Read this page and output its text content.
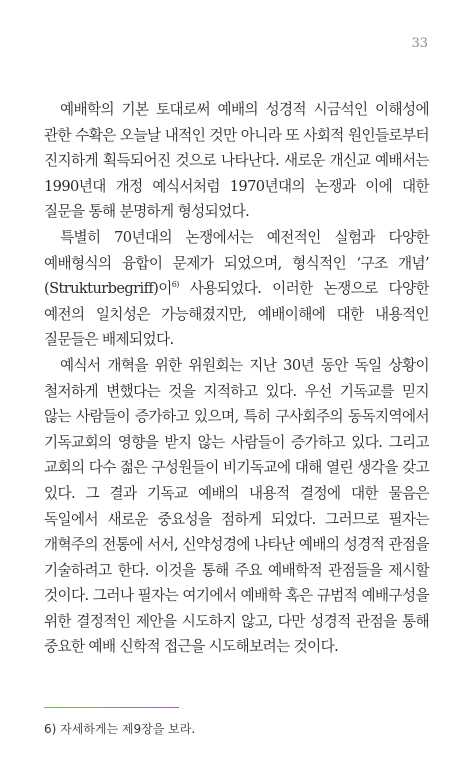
33

예배학의 기본 토대로써 예배의 성경적 시금석인 이해성에 관한 수확은 오늘날 내적인 것만 아니라 또 사회적 원인들로부터 진지하게 획득되어진 것으로 나타난다. 새로운 개신교 예배서는 1990년대 개정 예식서처럼 1970년대의 논쟁과 이에 대한 질문을 통해 분명하게 형성되었다.

특별히 70년대의 논쟁에서는 예전적인 실험과 다양한 예배형식의 융합이 문제가 되었으며, 형식적인 ‘구조 개념’ (Strukturbegriff)이$^{6)}$ 사용되었다. 이러한 논쟁으로 다양한 예전의 일치성은 가능해졌지만, 예배이해에 대한 내용적인 질문들은 배제되었다.

예식서 개혁을 위한 위원회는 지난 30년 동안 독일 상황이 철저하게 변했다는 것을 지적하고 있다. 우선 기독교를 믿지 않는 사람들이 증가하고 있으며, 특히 구사회주의 동독지역에서 기독교회의 영향을 받지 않는 사람들이 증가하고 있다. 그리고 교회의 다수 젊은 구성원들이 비기독교에 대해 열린 생각을 갖고 있다. 그 결과 기독교 예배의 내용적 결정에 대한 물음은 독일에서 새로운 중요성을 점하게 되었다. 그러므로 필자는 개혁주의 전통에 서서, 신약성경에 나타난 예배의 성경적 관점을 기술하려고 한다. 이것을 통해 주요 예배학적 관점들을 제시할 것이다. 그러나 필자는 여기에서 예배학 혹은 규범적 예배구성을 위한 결정적인 제안을 시도하지 않고, 다만 성경적 관점을 통해 중요한 예배 신학적 접근을 시도해보려는 것이다.

6) 자세하게는 제9장을 보라.
